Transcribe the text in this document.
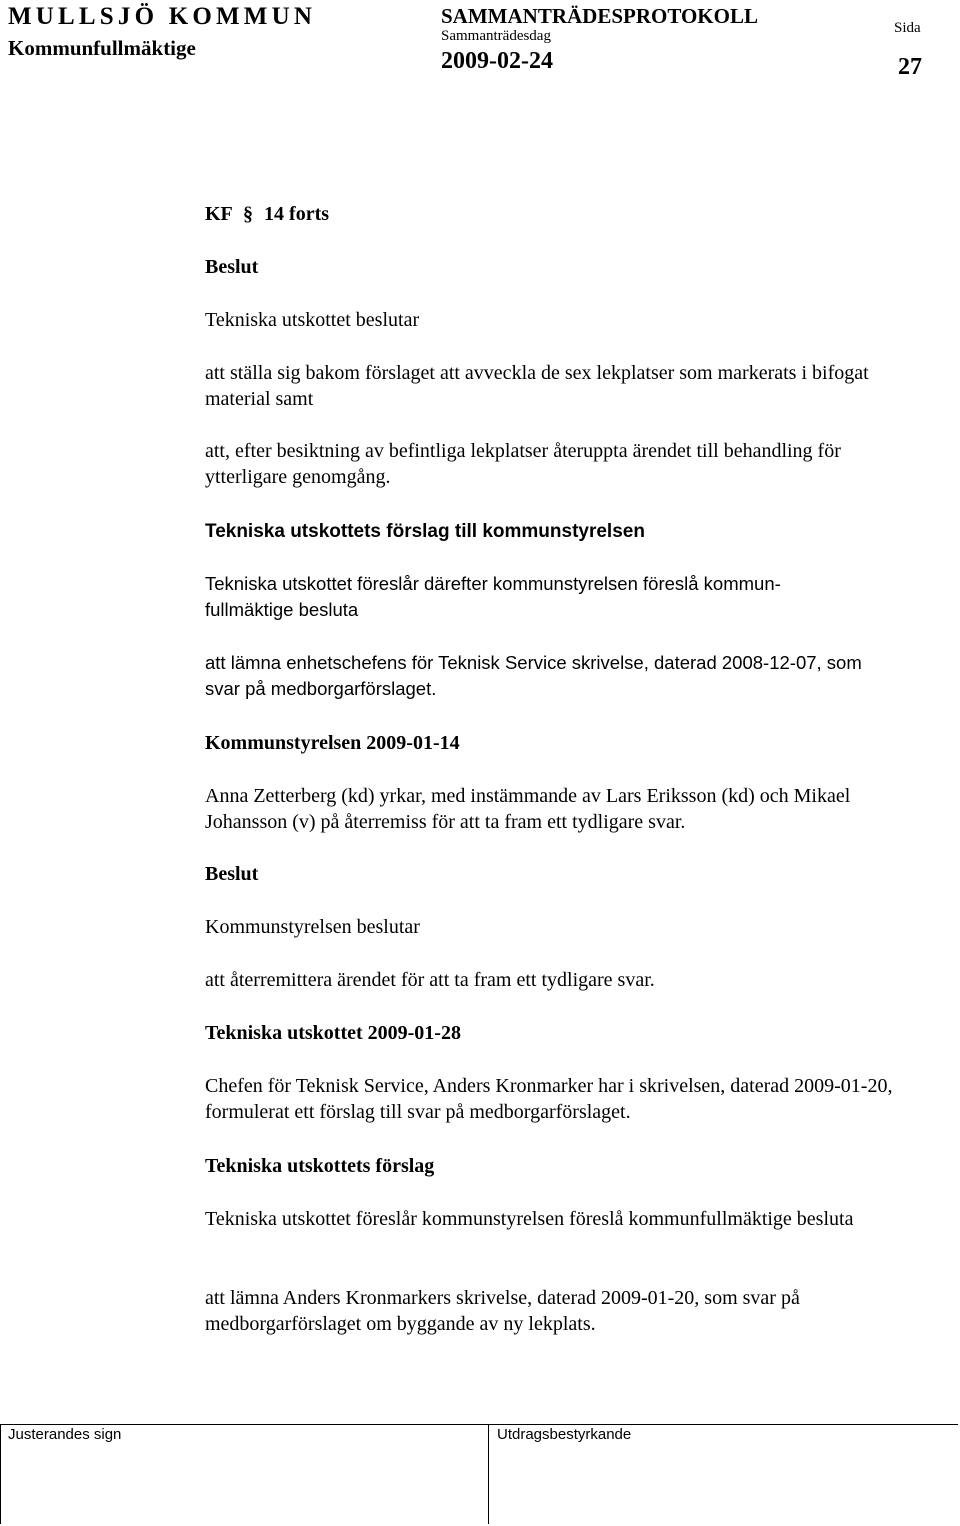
MULLSJÖ KOMMUN
Kommunfullmäktige
SAMMANTRÄDESPROTOKOLL
Sammanträdesdag
2009-02-24
Sida
27
KF § 14 forts
Beslut
Tekniska utskottet beslutar
att ställa sig bakom förslaget att avveckla de sex lekplatser som markerats i bifogat material samt
att, efter besiktning av befintliga lekplatser återuppta ärendet till behandling för ytterligare genomgång.
Tekniska utskottets förslag till kommunstyrelsen
Tekniska utskottet föreslår därefter kommunstyrelsen föreslå kommun- fullmäktige besluta
att lämna enhetschefens för Teknisk Service skrivelse, daterad 2008-12-07, som svar på medborgarförslaget.
Kommunstyrelsen 2009-01-14
Anna Zetterberg (kd) yrkar, med instämmande av Lars Eriksson (kd) och Mikael Johansson (v) på återremiss för att ta fram ett tydligare svar.
Beslut
Kommunstyrelsen beslutar
att återremittera ärendet för att ta fram ett tydligare svar.
Tekniska utskottet 2009-01-28
Chefen för Teknisk Service, Anders Kronmarker har i skrivelsen, daterad 2009-01-20, formulerat ett förslag till svar på medborgarförslaget.
Tekniska utskottets förslag
Tekniska utskottet föreslår kommunstyrelsen föreslå kommunfullmäktige besluta
att lämna Anders Kronmarkers skrivelse, daterad 2009-01-20, som svar på medborgarförslaget om byggande av ny lekplats.
Justerandes sign	Utdragsbestyrkande
